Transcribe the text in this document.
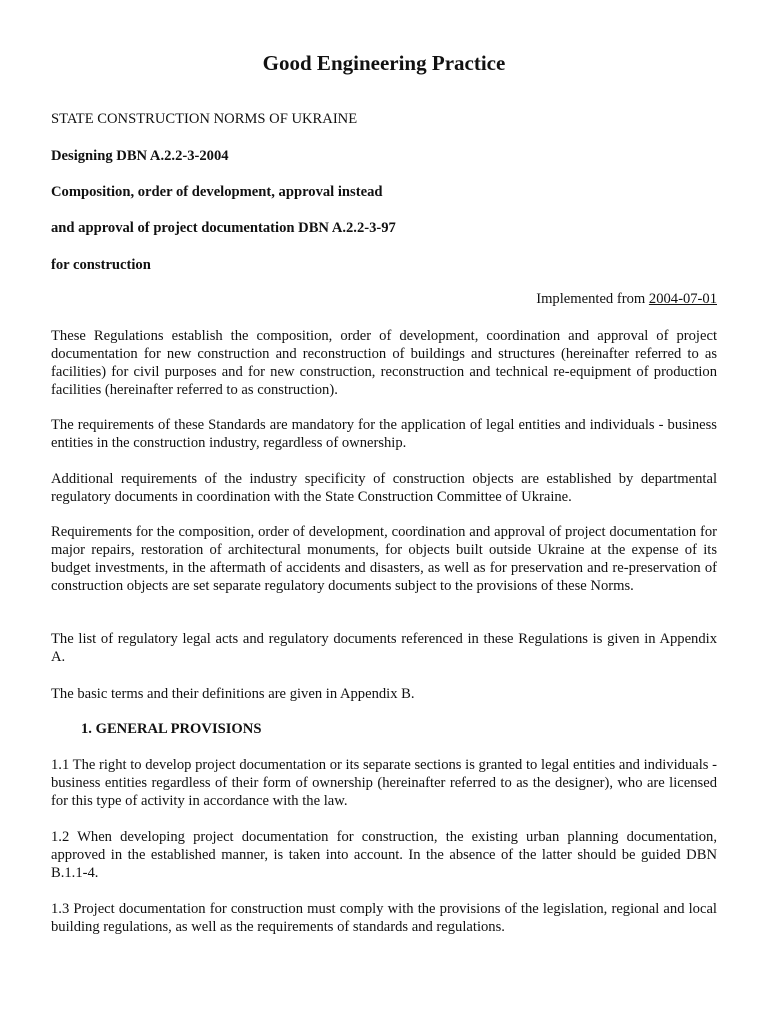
Good Engineering Practice

STATE CONSTRUCTION NORMS OF UKRAINE

Designing DBN A.2.2-3-2004

Composition, order of development, approval instead

and approval of project documentation DBN A.2.2-3-97

for construction

Implemented from 2004-07-01

These Regulations establish the composition, order of development, coordination and approval of project documentation for new construction and reconstruction of buildings and structures (hereinafter referred to as facilities) for civil purposes and for new construction, reconstruction and technical re-equipment of production facilities (hereinafter referred to as construction).

The requirements of these Standards are mandatory for the application of legal entities and individuals - business entities in the construction industry, regardless of ownership.

Additional requirements of the industry specificity of construction objects are established by departmental regulatory documents in coordination with the State Construction Committee of Ukraine.

Requirements for the composition, order of development, coordination and approval of project documentation for major repairs, restoration of architectural monuments, for objects built outside Ukraine at the expense of its budget investments, in the aftermath of accidents and disasters, as well as for preservation and re-preservation of construction objects are set separate regulatory documents subject to the provisions of these Norms.

The list of regulatory legal acts and regulatory documents referenced in these Regulations is given in Appendix A.

The basic terms and their definitions are given in Appendix B.

1. GENERAL PROVISIONS

1.1 The right to develop project documentation or its separate sections is granted to legal entities and individuals - business entities regardless of their form of ownership (hereinafter referred to as the designer), who are licensed for this type of activity in accordance with the law.

1.2 When developing project documentation for construction, the existing urban planning documentation, approved in the established manner, is taken into account. In the absence of the latter should be guided DBN B.1.1-4.

1.3 Project documentation for construction must comply with the provisions of the legislation, regional and local building regulations, as well as the requirements of standards and regulations.
